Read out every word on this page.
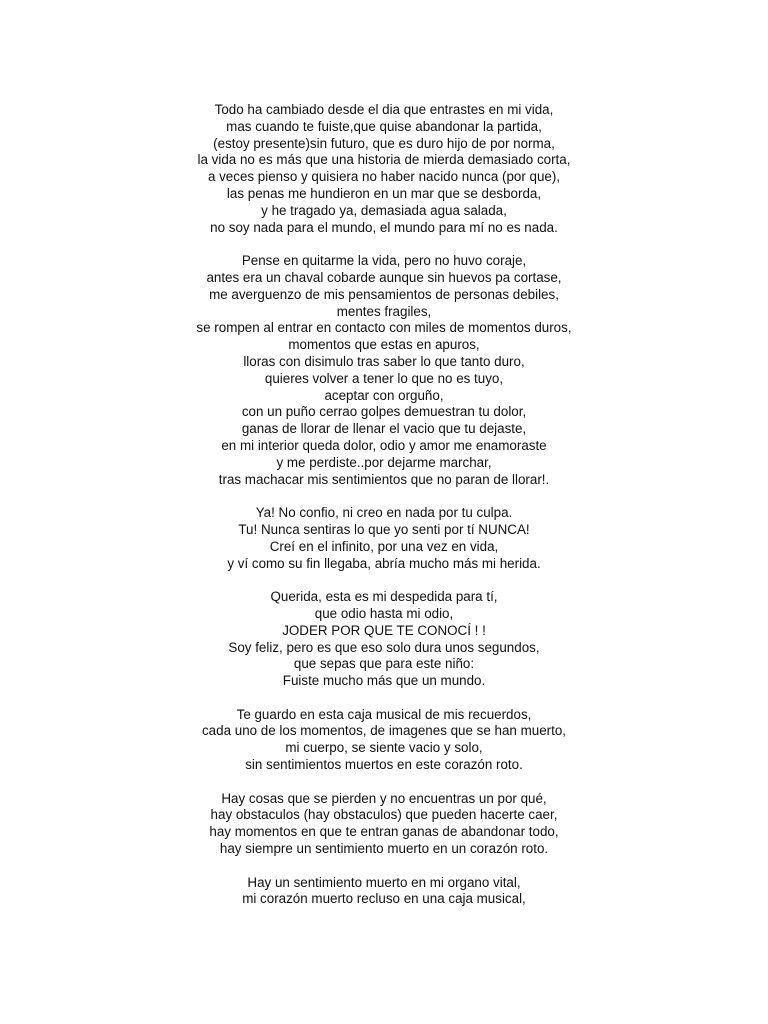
Todo ha cambiado desde el dia que entrastes en mi vida,
mas cuando te fuiste,que quise abandonar la partida,
(estoy presente)sin futuro, que es duro hijo de por norma,
la vida no es más que una historia de mierda demasiado corta,
a veces pienso y quisiera no haber nacido nunca (por que),
las penas me hundieron en un mar que se desborda,
y he tragado ya, demasiada agua salada,
no soy nada para el mundo, el mundo para mí no es nada.
Pense en quitarme la vida, pero no huvo coraje,
antes era un chaval cobarde aunque sin huevos pa cortase,
me averguenzo de mis pensamientos de personas debiles,
mentes fragiles,
se rompen al entrar en contacto con miles de momentos duros,
momentos que estas en apuros,
lloras con disimulo tras saber lo que tanto duro,
quieres volver a tener lo que no es tuyo,
aceptar con orguño,
con un puño cerrao golpes demuestran tu dolor,
ganas de llorar de llenar el vacio que tu dejaste,
en mi interior queda dolor, odio y amor me enamoraste
y me perdiste..por dejarme marchar,
tras machacar mis sentimientos que no paran de llorar!.
Ya! No confio, ni creo en nada por tu culpa.
Tu! Nunca sentiras lo que yo senti por tí NUNCA!
Creí en el infinito, por una vez en vida,
y ví como su fin llegaba, abría mucho más mi herida.
Querida, esta es mi despedida para tí,
que odio hasta mi odio,
JODER POR QUE TE CONOCÍ ! !
Soy feliz, pero es que eso solo dura unos segundos,
que sepas que para este niño:
Fuiste mucho más que un mundo.
Te guardo en esta caja musical de mis recuerdos,
cada uno de los momentos, de imagenes que se han muerto,
mi cuerpo, se siente vacio y solo,
sin sentimientos muertos en este corazón roto.
Hay cosas que se pierden y no encuentras un por qué,
hay obstaculos (hay obstaculos) que pueden hacerte caer,
hay momentos en que te entran ganas de abandonar todo,
hay siempre un sentimiento muerto en un corazón roto.
Hay un sentimiento muerto en mi organo vital,
mi corazón muerto recluso en una caja musical,
